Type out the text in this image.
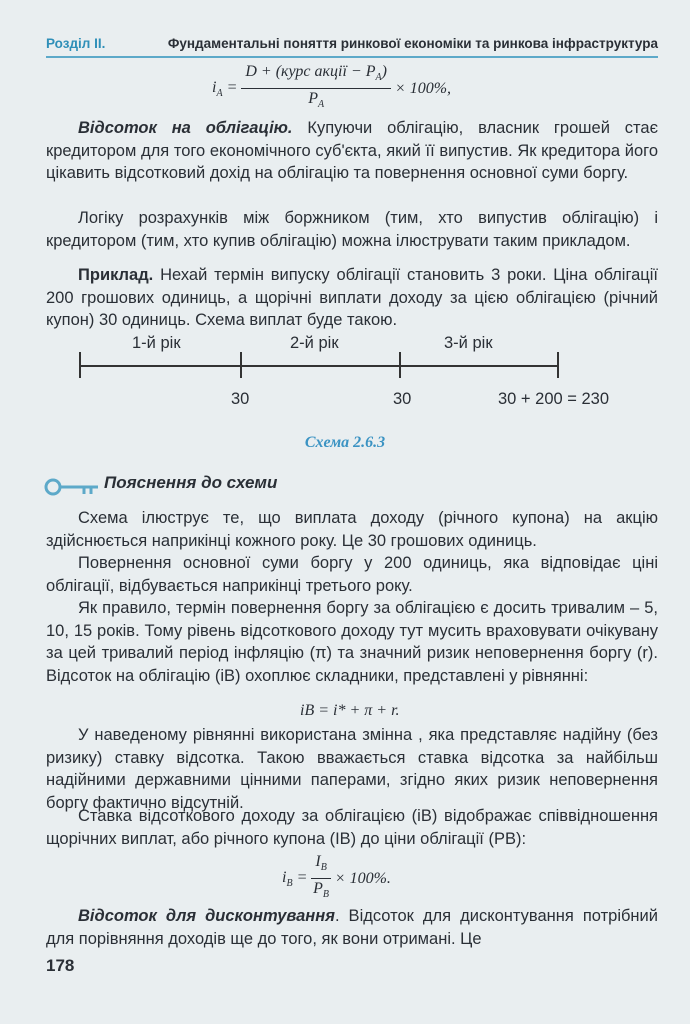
Розділ ІІ.	Фундаментальні поняття ринкової економіки та ринкова інфраструктура
$i_A = \frac{D + (курс акції - P_A)}{P_A} \times 100\%$,

Відсоток на облігацію. Купуючи облігацію, власник грошей стає кредитором для того економічного суб'єкта, який її випустив. Як кредитора його цікавить відсотковий дохід на облігацію та повернення основної суми боргу.

Логіку розрахунків між боржником (тим, хто випустив облігацію) і кредитором (тим, хто купив облігацію) можна ілюструвати таким прикладом.

Приклад. Нехай термін випуску облігації становить 3 роки. Ціна облігації 200 грошових одиниць, а щорічні виплати доходу за цією облігацією (річний купон) 30 одиниць. Схема виплат буде такою.

1-й рік	2-й рік	3-й рік
30	30	30 + 200 = 230
Схема 2.6.3
Пояснення до схеми

Схема ілюструє те, що виплата доходу (річного купона) на акцію здійснюється наприкінці кожного року. Це 30 грошових одиниць.

Повернення основної суми боргу у 200 одиниць, яка відповідає ціні облігації, відбувається наприкінці третього року.

Як правило, термін повернення боргу за облігацією є досить тривалим – 5, 10, 15 років. Тому рівень відсоткового доходу тут мусить враховувати очікувану за цей тривалий період інфляцію (π) та значний ризик неповернення боргу (r). Відсоток на облігацію (iB) охоплює складники, представлені у рівнянні:

iB = i* + π + r.

У наведеному рівнянні використана змінна , яка представляє надійну (без ризику) ставку відсотка. Такою вважається ставка відсотка за найбільш надійними державними цінними паперами, згідно яких ризик неповернення боргу фактично відсутній.

Ставка відсоткового доходу за облігацією (iB) відображає співвідношення щорічних виплат, або річного купона (IB) до ціни облігації (PB):

$i_B = \frac{I_B}{P_B} \times 100\%$.

Відсоток для дисконтування. Відсоток для дисконтування потрібний для порівняння доходів ще до того, як вони отримані. Це

178
